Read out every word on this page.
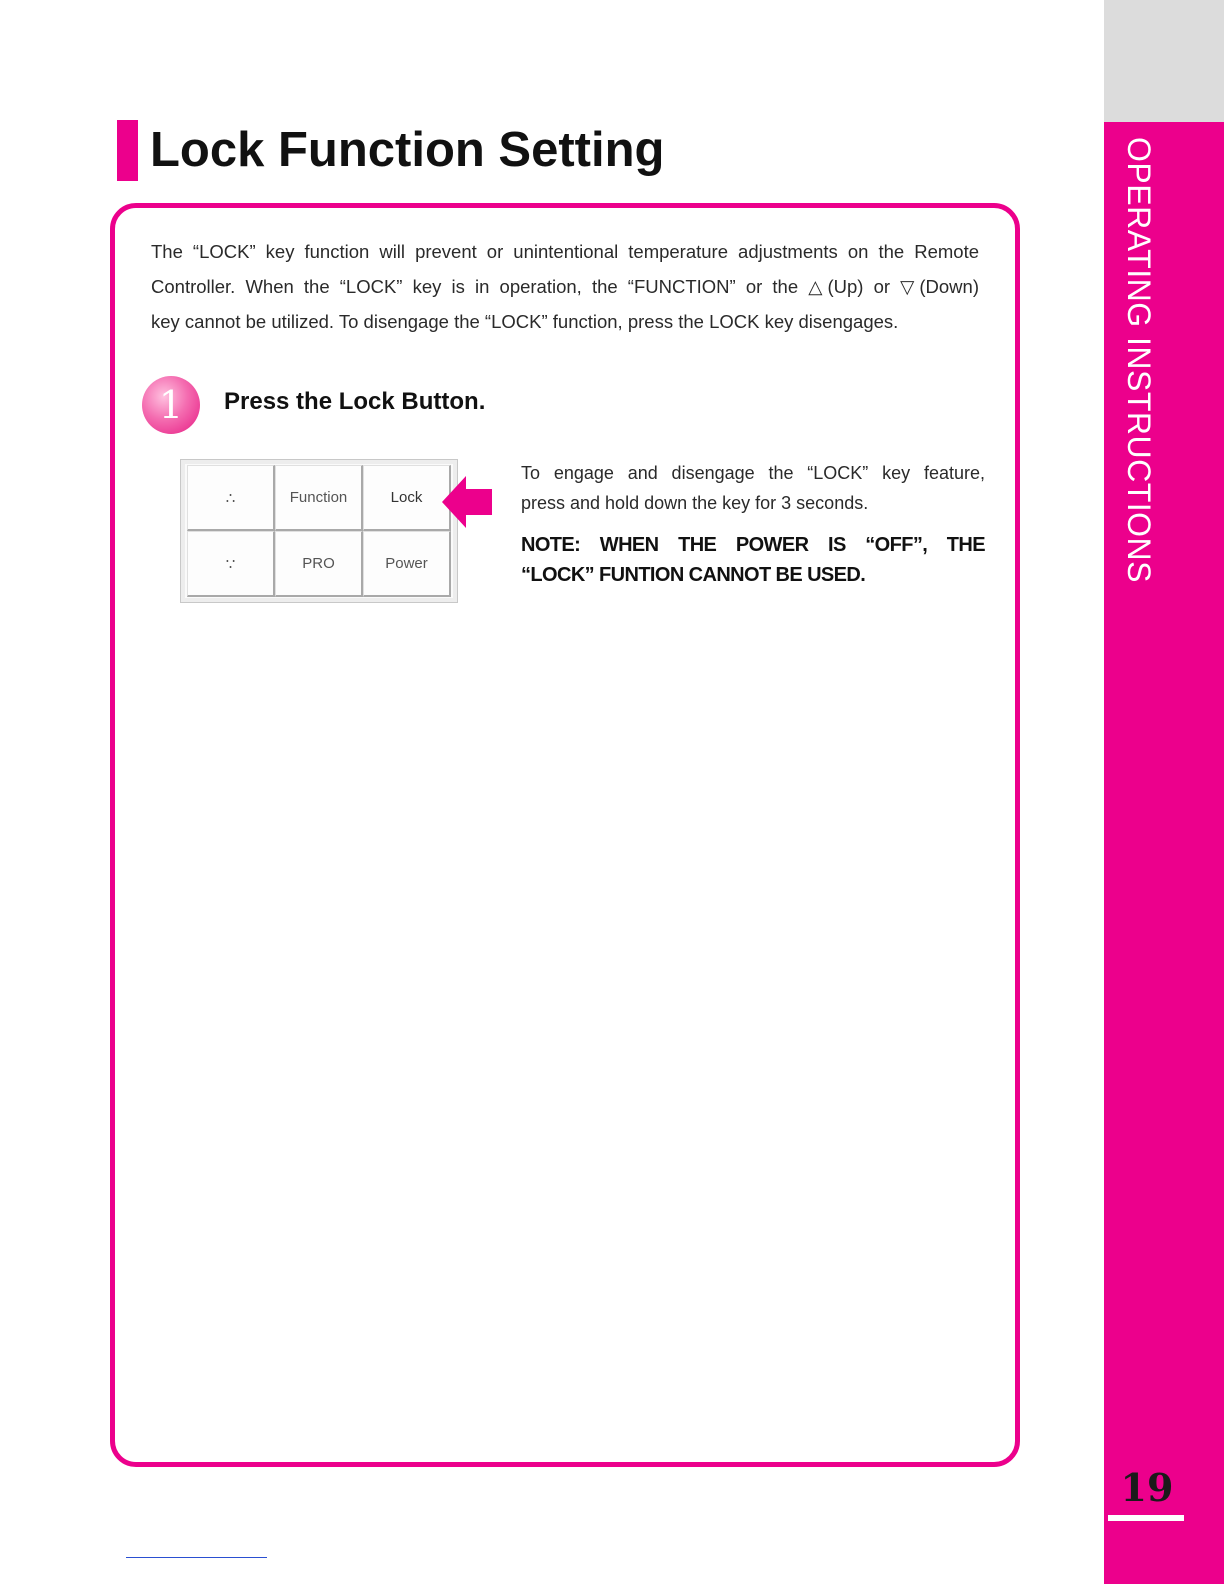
OPERATING INSTRUCTIONS
19
Lock Function Setting

The “LOCK” key function will prevent or unintentional temperature adjustments on the Remote
Controller. When the “LOCK” key is in operation, the “FUNCTION” or the △(Up) or ▽(Down)
key cannot be utilized. To disengage the “LOCK” function, press the LOCK key disengages.

1	Press the Lock Button.
∴	Function	Lock
∵	PRO	Power

To engage and disengage the “LOCK” key feature,
press and hold down the key for 3 seconds.

NOTE: WHEN THE POWER IS “OFF”, THE
“LOCK” FUNTION CANNOT BE USED.
